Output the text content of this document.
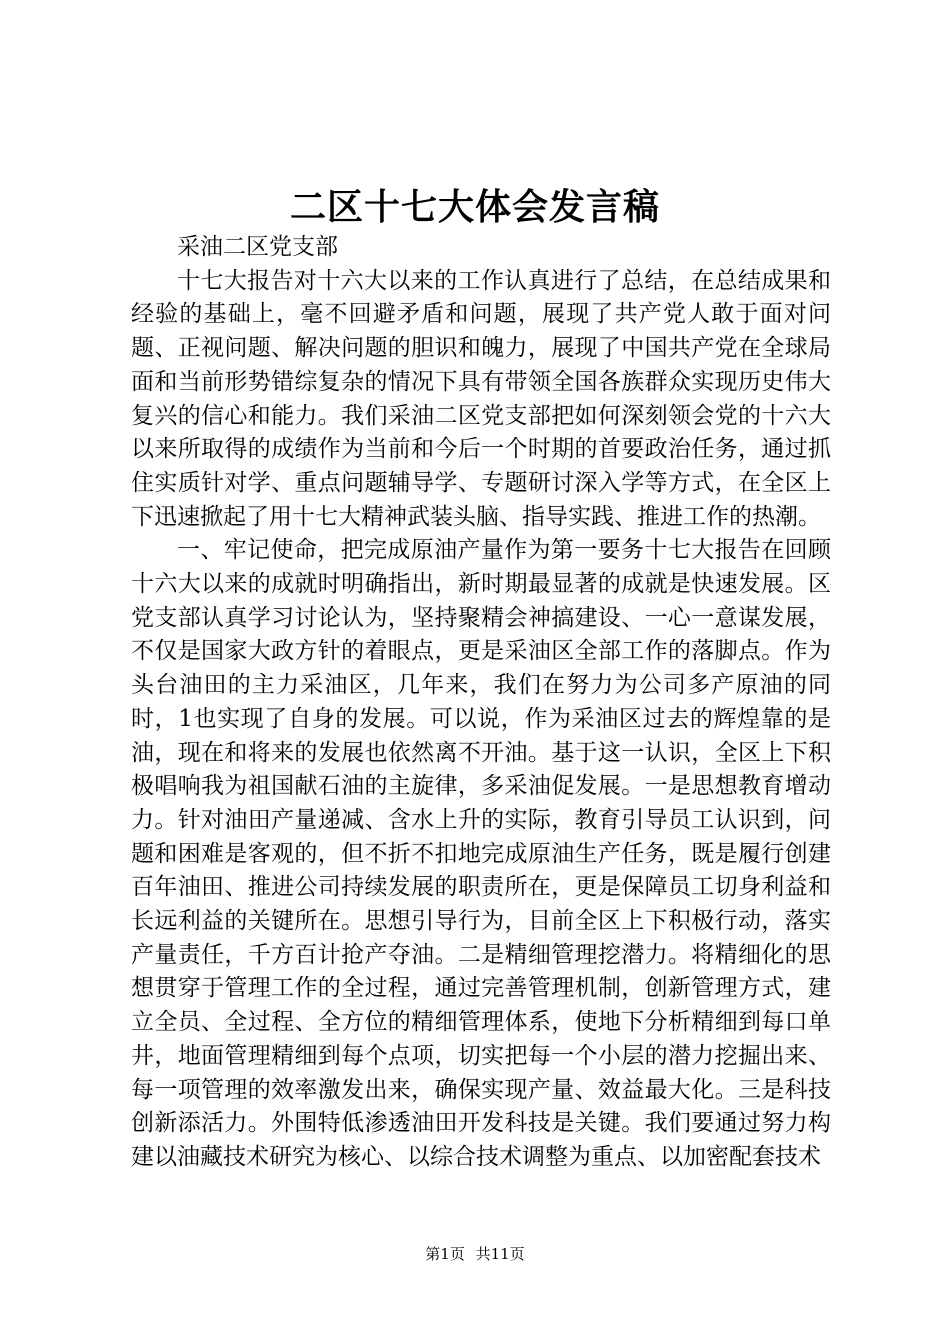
二区十七大体会发言稿

采油二区党支部

十七大报告对十六大以来的工作认真进行了总结，在总结成果和经验的基础上，毫不回避矛盾和问题，展现了共产党人敢于面对问题、正视问题、解决问题的胆识和魄力，展现了中国共产党在全球局面和当前形势错综复杂的情况下具有带领全国各族群众实现历史伟大复兴的信心和能力。我们采油二区党支部把如何深刻领会党的十六大以来所取得的成绩作为当前和今后一个时期的首要政治任务，通过抓住实质针对学、重点问题辅导学、专题研讨深入学等方式，在全区上下迅速掀起了用十七大精神武装头脑、指导实践、推进工作的热潮。

一、牢记使命，把完成原油产量作为第一要务十七大报告在回顾十六大以来的成就时明确指出，新时期最显著的成就是快速发展。区党支部认真学习讨论认为，坚持聚精会神搞建设、一心一意谋发展，不仅是国家大政方针的着眼点，更是采油区全部工作的落脚点。作为头台油田的主力采油区，几年来，我们在努力为公司多产原油的同时，1也实现了自身的发展。可以说，作为采油区过去的辉煌靠的是油，现在和将来的发展也依然离不开油。基于这一认识，全区上下积极唱响我为祖国献石油的主旋律，多采油促发展。一是思想教育增动力。针对油田产量递减、含水上升的实际，教育引导员工认识到，问题和困难是客观的，但不折不扣地完成原油生产任务，既是履行创建百年油田、推进公司持续发展的职责所在，更是保障员工切身利益和长远利益的关键所在。思想引导行为，目前全区上下积极行动，落实产量责任，千方百计抢产夺油。二是精细管理挖潜力。将精细化的思想贯穿于管理工作的全过程，通过完善管理机制，创新管理方式，建立全员、全过程、全方位的精细管理体系，使地下分析精细到每口单井，地面管理精细到每个点项，切实把每一个小层的潜力挖掘出来、每一项管理的效率激发出来，确保实现产量、效益最大化。三是科技创新添活力。外围特低渗透油田开发科技是关键。我们要通过努力构建以油藏技术研究为核心、以综合技术调整为重点、以加密配套技术

第1页 共11页
